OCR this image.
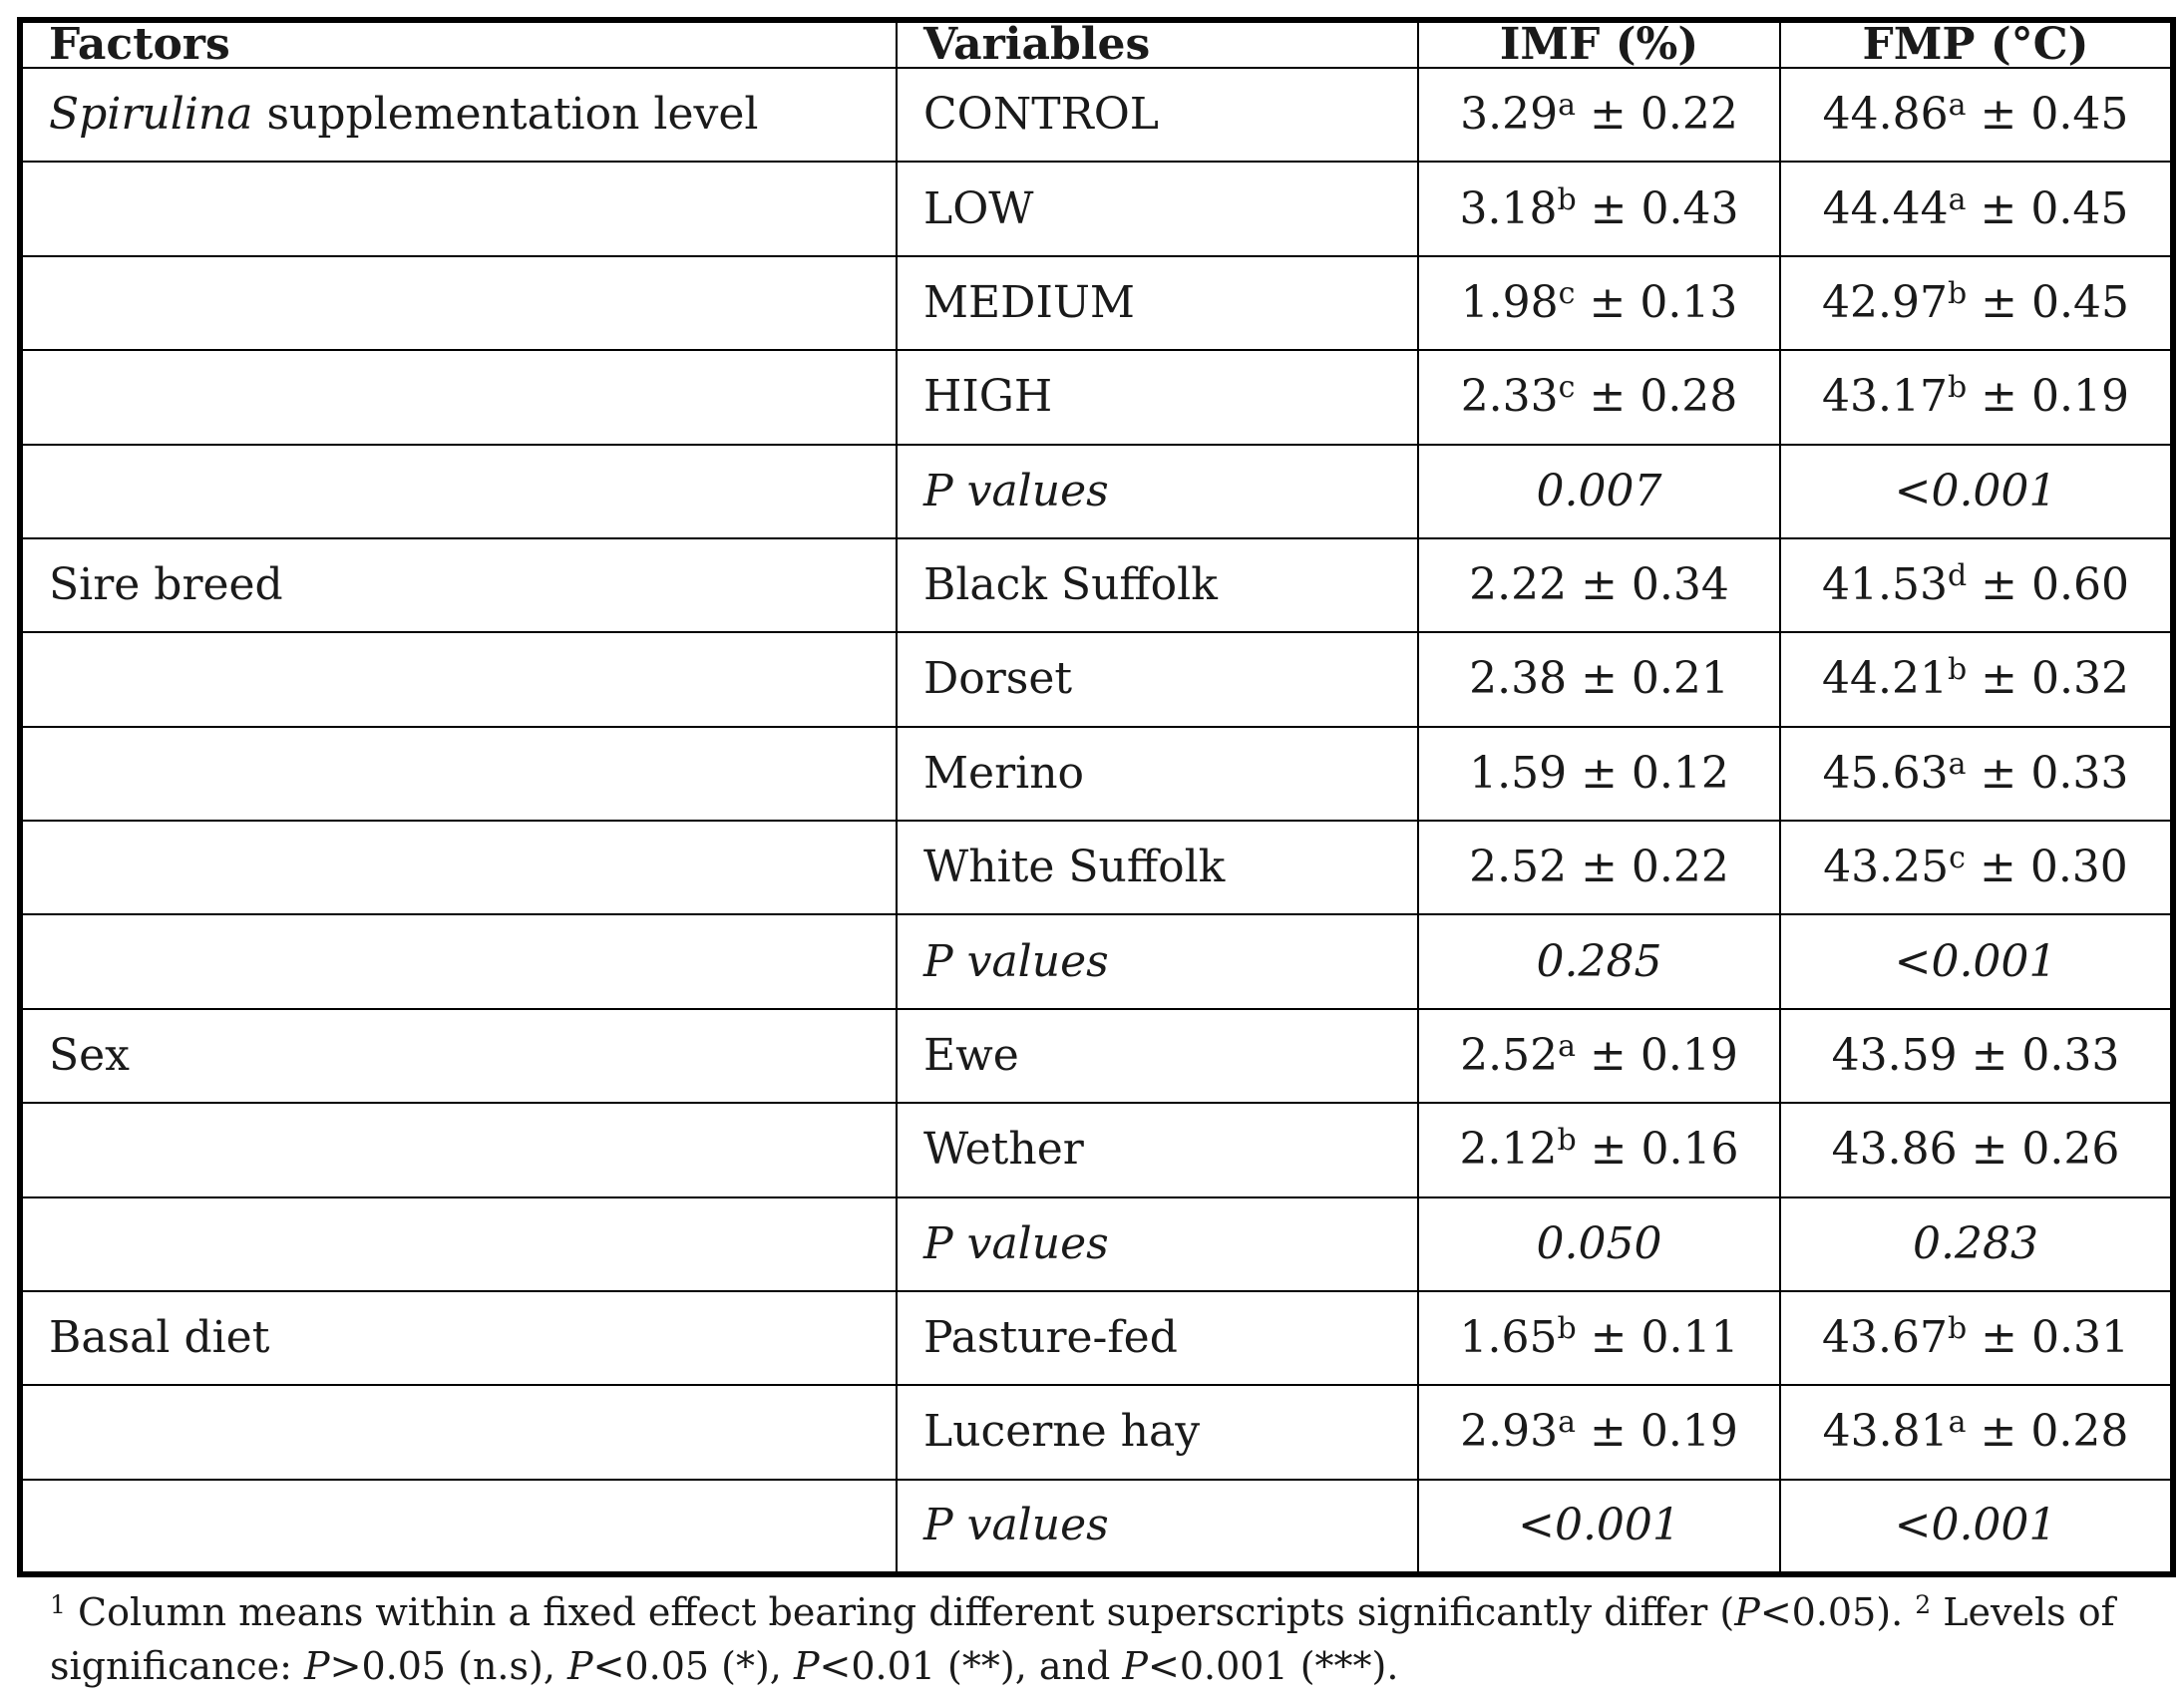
Factors	Variables	IMF (%)	FMP (°C)
Spirulina supplementation level	CONTROL	3.29$^a$ ± 0.22	44.86$^a$ ± 0.45
	LOW	3.18$^b$ ± 0.43	44.44$^a$ ± 0.45
	MEDIUM	1.98$^c$ ± 0.13	42.97$^b$ ± 0.45
	HIGH	2.33$^c$ ± 0.28	43.17$^b$ ± 0.19
	P values	0.007	<0.001
Sire breed	Black Suffolk	2.22 ± 0.34	41.53$^d$ ± 0.60
	Dorset	2.38 ± 0.21	44.21$^b$ ± 0.32
	Merino	1.59 ± 0.12	45.63$^a$ ± 0.33
	White Suffolk	2.52 ± 0.22	43.25$^c$ ± 0.30
	P values	0.285	<0.001
Sex	Ewe	2.52$^a$ ± 0.19	43.59 ± 0.33
	Wether	2.12$^b$ ± 0.16	43.86 ± 0.26
	P values	0.050	0.283
Basal diet	Pasture-fed	1.65$^b$ ± 0.11	43.67$^b$ ± 0.31
	Lucerne hay	2.93$^a$ ± 0.19	43.81$^a$ ± 0.28
	P values	<0.001	<0.001
$^1$ Column means within a fixed effect bearing different superscripts significantly differ (P<0.05). $^2$ Levels of significance: P>0.05 (n.s), P<0.05 (*), P<0.01 (**), and P<0.001 (***).
